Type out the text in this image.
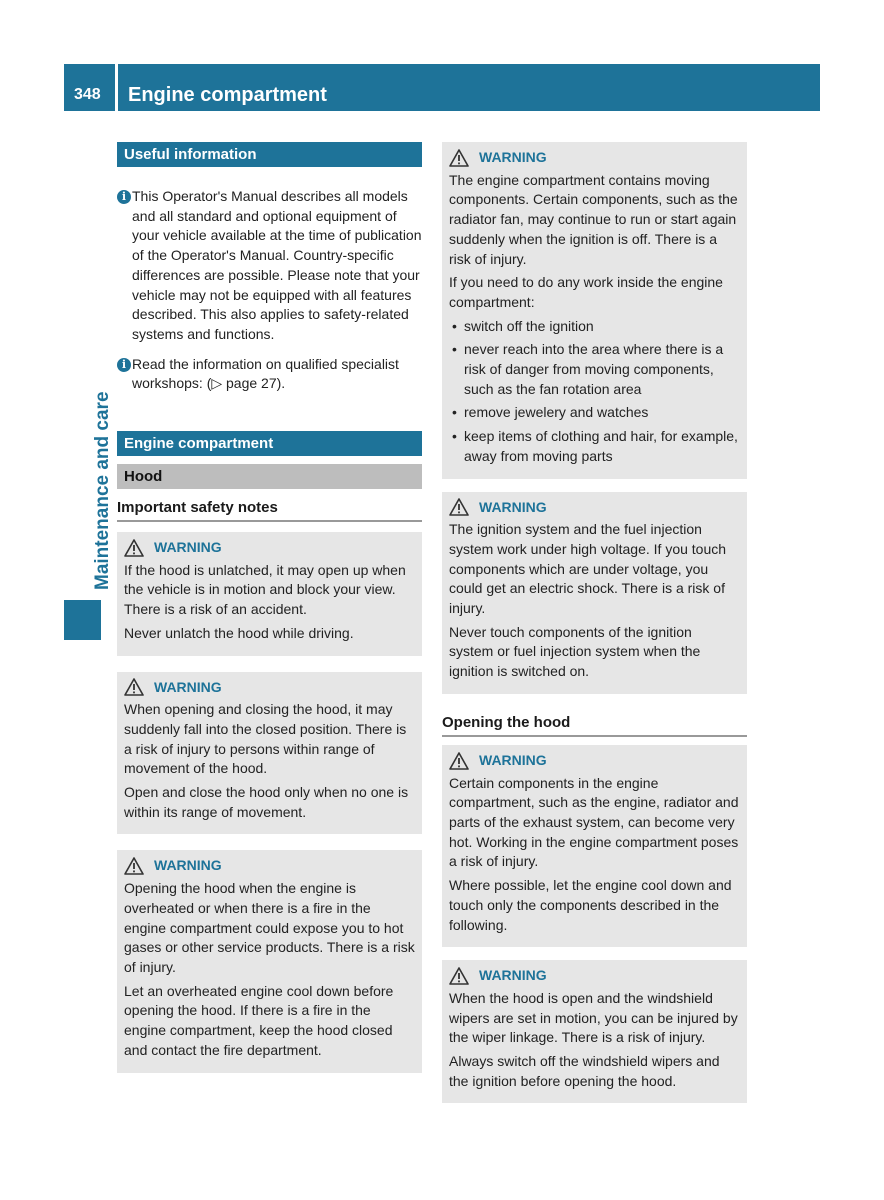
348 Engine compartment
Maintenance and care
Useful information
i This Operator's Manual describes all models and all standard and optional equipment of your vehicle available at the time of publication of the Operator's Manual. Country-specific differences are possible. Please note that your vehicle may not be equipped with all features described. This also applies to safety-related systems and functions.
i Read the information on qualified specialist workshops: (▷ page 27).
Engine compartment
Hood
Important safety notes
WARNING

If the hood is unlatched, it may open up when the vehicle is in motion and block your view. There is a risk of an accident.

Never unlatch the hood while driving.

WARNING

When opening and closing the hood, it may suddenly fall into the closed position. There is a risk of injury to persons within range of movement of the hood.

Open and close the hood only when no one is within its range of movement.

WARNING

Opening the hood when the engine is overheated or when there is a fire in the engine compartment could expose you to hot gases or other service products. There is a risk of injury.

Let an overheated engine cool down before opening the hood. If there is a fire in the engine compartment, keep the hood closed and contact the fire department.

WARNING

The engine compartment contains moving components. Certain components, such as the radiator fan, may continue to run or start again suddenly when the ignition is off. There is a risk of injury.

If you need to do any work inside the engine compartment:

• switch off the ignition
• never reach into the area where there is a risk of danger from moving components, such as the fan rotation area
• remove jewelery and watches
• keep items of clothing and hair, for example, away from moving parts
WARNING

The ignition system and the fuel injection system work under high voltage. If you touch components which are under voltage, you could get an electric shock. There is a risk of injury.

Never touch components of the ignition system or fuel injection system when the ignition is switched on.

Opening the hood
WARNING

Certain components in the engine compartment, such as the engine, radiator and parts of the exhaust system, can become very hot. Working in the engine compartment poses a risk of injury.

Where possible, let the engine cool down and touch only the components described in the following.

WARNING

When the hood is open and the windshield wipers are set in motion, you can be injured by the wiper linkage. There is a risk of injury.

Always switch off the windshield wipers and the ignition before opening the hood.
